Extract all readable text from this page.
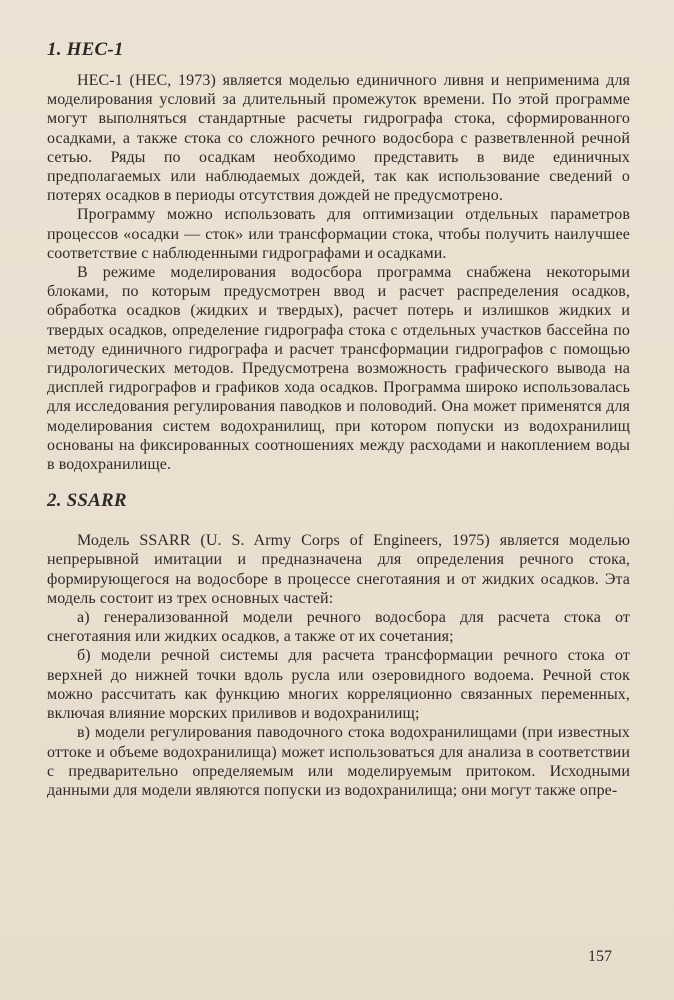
1. НЕС-1

НЕС-1 (НЕС, 1973) является моделью единичного ливня и неприменима для моделирования условий за длительный промежуток времени. По этой программе могут выполняться стандартные расчеты гидрографа стока, сформированного осадками, а также стока со сложного речного водосбора с разветвленной речной сетью. Ряды по осадкам необходимо представить в виде единичных предполагаемых или наблюдаемых дождей, так как использование сведений о потерях осадков в периоды отсутствия дождей не предусмотрено.

Программу можно использовать для оптимизации отдельных параметров процессов «осадки — сток» или трансформации стока, чтобы получить наилучшее соответствие с наблюденными гидрографами и осадками.

В режиме моделирования водосбора программа снабжена некоторыми блоками, по которым предусмотрен ввод и расчет распределения осадков, обработка осадков (жидких и твердых), расчет потерь и излишков жидких и твердых осадков, определение гидрографа стока с отдельных участков бассейна по методу единичного гидрографа и расчет трансформации гидрографов с помощью гидрологических методов. Предусмотрена возможность графического вывода на дисплей гидрографов и графиков хода осадков. Программа широко использовалась для исследования регулирования паводков и половодий. Она может применятся для моделирования систем водохранилищ, при котором попуски из водохранилищ основаны на фиксированных соотношениях между расходами и накоплением воды в водохранилище.

2. SSARR

Модель SSARR (U. S. Army Corps of Engineers, 1975) является моделью непрерывной имитации и предназначена для определения речного стока, формирующегося на водосборе в процессе снеготаяния и от жидких осадков. Эта модель состоит из трех основных частей:

а) генерализованной модели речного водосбора для расчета стока от снеготаяния или жидких осадков, а также от их сочетания;

б) модели речной системы для расчета трансформации речного стока от верхней до нижней точки вдоль русла или озеровидного водоема. Речной сток можно рассчитать как функцию многих корреляционно связанных переменных, включая влияние морских приливов и водохранилищ;

в) модели регулирования паводочного стока водохранилищами (при известных оттоке и объеме водохранилища) может использоваться для анализа в соответствии с предварительно определяемым или моделируемым притоком. Исходными данными для модели являются попуски из водохранилища; они могут также опре-

157
